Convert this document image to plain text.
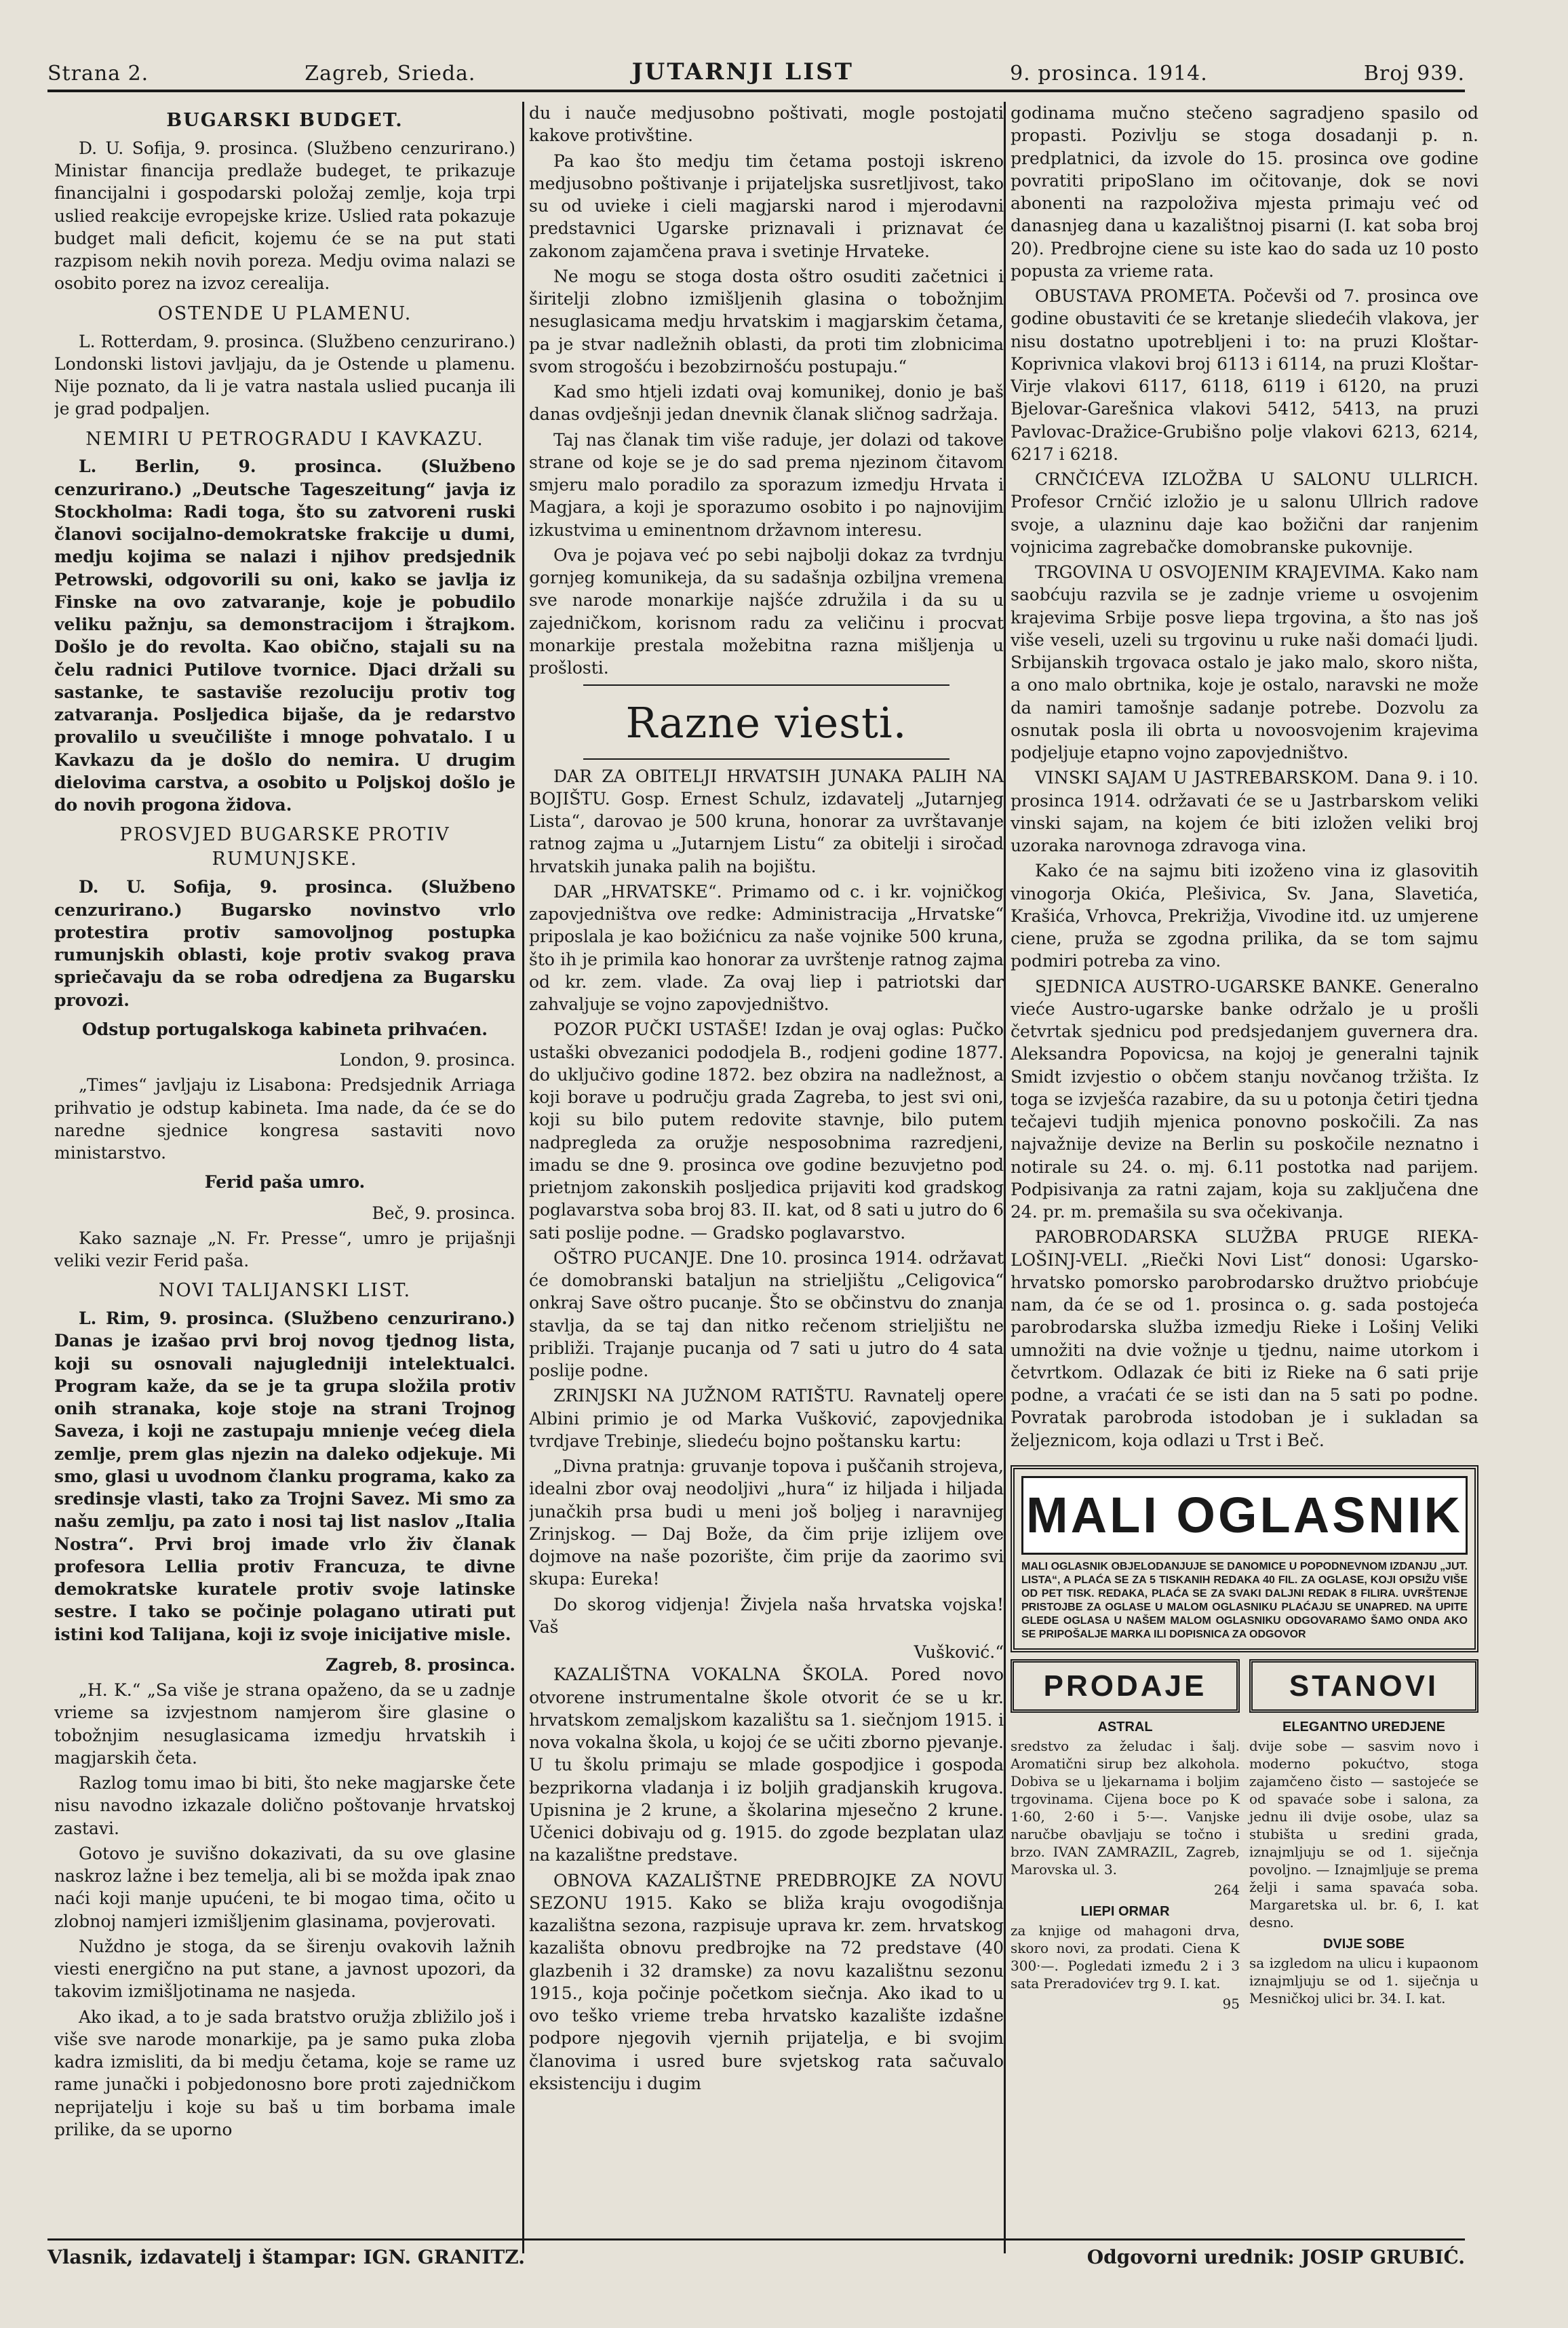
Strana 2.	Zagreb, Srieda.	JUTARNJI LIST	9. prosinca. 1914.	Broj 939.
BUGARSKI BUDGET.

D. U. Sofija, 9. prosinca. (Službeno cenzurirano.) Ministar financija predlaže budeget, te prikazuje financijalni i gospodarski položaj zemlje, koja trpi uslied reakcije evropejske krize. Uslied rata pokazuje budget mali deficit, kojemu će se na put stati razpisom nekih novih poreza. Medju ovima nalazi se osobito porez na izvoz cerealija.

OSTENDE U PLAMENU.

L. Rotterdam, 9. prosinca. (Službeno cenzurirano.) Londonski listovi javljaju, da je Ostende u plamenu. Nije poznato, da li je vatra nastala uslied pucanja ili je grad podpaljen.

NEMIRI U PETROGRADU I KAVKAZU.

L. Berlin, 9. prosinca. (Službeno cenzurirano.) „Deutsche Tageszeitung“ javja iz Stockholma: Radi toga, što su zatvoreni ruski članovi socijalno-demokratske frakcije u dumi, medju kojima se nalazi i njihov predsjednik Petrowski, odgovorili su oni, kako se javlja iz Finske na ovo zatvaranje, koje je pobudilo veliku pažnju, sa demonstracijom i štrajkom. Došlo je do revolta. Kao obično, stajali su na čelu radnici Putilove tvornice. Djaci držali su sastanke, te sastaviše rezoluciju protiv tog zatvaranja. Posljedica bijaše, da je redarstvo provalilo u sveučilište i mnoge pohvatalo. I u Kavkazu da je došlo do nemira. U drugim dielovima carstva, a osobito u Poljskoj došlo je do novih progona židova.

PROSVJED BUGARSKE PROTIV RUMUNJSKE.

D. U. Sofija, 9. prosinca. (Službeno cenzurirano.) Bugarsko novinstvo vrlo protestira protiv samovoljnog postupka rumunjskih oblasti, koje protiv svakog prava spriečavaju da se roba odredjena za Bugarsku provozi.

Odstup portugalskoga kabineta prihvaćen.
London, 9. prosinca.

„Times“ javljaju iz Lisabona: Predsjednik Arriaga prihvatio je odstup kabineta. Ima nade, da će se do naredne sjednice kongresa sastaviti novo ministarstvo.

Ferid paša umro.
Beč, 9. prosinca.

Kako saznaje „N. Fr. Presse“, umro je prijašnji veliki vezir Ferid paša.

NOVI TALIJANSKI LIST.

L. Rim, 9. prosinca. (Službeno cenzurirano.) Danas je izašao prvi broj novog tjednog lista, koji su osnovali najugledniji intelektualci. Program kaže, da se je ta grupa složila protiv onih stranaka, koje stoje na strani Trojnog Saveza, i koji ne zastupaju mnienje većeg diela zemlje, prem glas njezin na daleko odjekuje. Mi smo, glasi u uvodnom članku programa, kako za sredinsje vlasti, tako za Trojni Savez. Mi smo za našu zemlju, pa zato i nosi taj list naslov „Italia Nostra“. Prvi broj imade vrlo živ članak profesora Lellia protiv Francuza, te divne demokratske kuratele protiv svoje latinske sestre. I tako se počinje polagano utirati put istini kod Talijana, koji iz svoje inicijative misle.

Zagreb, 8. prosinca.

„H. K.“ „Sa više je strana opaženo, da se u zadnje vrieme sa izvjestnom namjerom šire glasine o tobožnjim nesuglasicama izmedju hrvatskih i magjarskih četa.

Razlog tomu imao bi biti, što neke magjarske čete nisu navodno izkazale dolično poštovanje hrvatskoj zastavi.

Gotovo je suvišno dokazivati, da su ove glasine naskroz lažne i bez temelja, ali bi se možda ipak znao naći koji manje upućeni, te bi mogao tima, očito u zlobnoj namjeri izmišljenim glasinama, povjerovati.

Nuždno je stoga, da se širenju ovakovih lažnih viesti energično na put stane, a javnost upozori, da takovim izmišljotinama ne nasjeda.

Ako ikad, a to je sada bratstvo oružja zbližilo još i više sve narode monarkije, pa je samo puka zloba kadra izmisliti, da bi medju četama, koje se rame uz rame junački i pobjedonosno bore proti zajedničkom neprijatelju i koje su baš u tim borbama imale prilike, da se uporno

du i nauče medjusobno poštivati, mogle postojati kakove protivštine.

Pa kao što medju tim četama postoji iskreno medjusobno poštivanje i prijateljska susretljivost, tako su od uvieke i cieli magjarski narod i mjerodavni predstavnici Ugarske priznavali i priznavat će zakonom zajamčena prava i svetinje Hrvateke.

Ne mogu se stoga dosta oštro osuditi začetnici i širitelji zlobno izmišljenih glasina o tobožnjim nesuglasicama medju hrvatskim i magjarskim četama, pa je stvar nadležnih oblasti, da proti tim zlobnicima svom strogošću i bezobzirnošću postupaju.“

Kad smo htjeli izdati ovaj komunikej, donio je baš danas ovdješnji jedan dnevnik članak sličnog sadržaja.

Taj nas članak tim više raduje, jer dolazi od takove strane od koje se je do sad prema njezinom čitavom smjeru malo poradilo za sporazum izmedju Hrvata i Magjara, a koji je sporazumo osobito i po najnovijim izkustvima u eminentnom državnom interesu.

Ova je pojava već po sebi najbolji dokaz za tvrdnju gornjeg komunikeja, da su sadašnja ozbiljna vremena sve narode monarkije najšće združila i da su u zajedničkom, korisnom radu za veličinu i procvat monarkije prestala možebitna razna mišljenja u prošlosti.

Razne viesti.

DAR ZA OBITELJI HRVATSIH JUNAKA PALIH NA BOJIŠTU. Gosp. Ernest Schulz, izdavatelj „Jutarnjeg Lista“, darovao je 500 kruna, honorar za uvrštavanje ratnog zajma u „Jutarnjem Listu“ za obitelji i siročad hrvatskih junaka palih na bojištu.

DAR „HRVATSKE“. Primamo od c. i kr. vojničkog zapovjedništva ove redke: Administracija „Hrvatske“ priposlala je kao božićnicu za naše vojnike 500 kruna, što ih je primila kao honorar za uvrštenje ratnog zajma od kr. zem. vlade. Za ovaj liep i patriotski dar zahvaljuje se vojno zapovjedništvo.

POZOR PUČKI USTAŠE! Izdan je ovaj oglas: Pučko ustaški obvezanici pododjela B., rodjeni godine 1877. do uključivo godine 1872. bez obzira na nadležnost, a koji borave u području grada Zagreba, to jest svi oni, koji su bilo putem redovite stavnje, bilo putem nadpregleda za oružje nesposobnima razredjeni, imadu se dne 9. prosinca ove godine bezuvjetno pod prietnjom zakonskih posljedica prijaviti kod gradskog poglavarstva soba broj 83. II. kat, od 8 sati u jutro do 6 sati poslije podne. — Gradsko poglavarstvo.

OŠTRO PUCANJE. Dne 10. prosinca 1914. održavat će domobranski bataljun na strieljištu „Celigovica“ onkraj Save oštro pucanje. Što se občinstvu do znanja stavlja, da se taj dan nitko rečenom strieljištu ne približi. Trajanje pucanja od 7 sati u jutro do 4 sata poslije podne.

ZRINJSKI NA JUŽNOM RATIŠTU. Ravnatelj opere Albini primio je od Marka Vušković, zapovjednika tvrdjave Trebinje, sliedeću bojno poštansku kartu:

„Divna pratnja: gruvanje topova i puščanih strojeva, idealni zbor ovaj neodoljivi „hura“ iz hiljada i hiljada junačkih prsa budi u meni još boljeg i naravnijeg Zrinjskog. — Daj Bože, da čim prije izlijem ove dojmove na naše pozorište, čim prije da zaorimo svi skupa: Eureka!

Do skorog vidjenja! Živjela naša hrvatska vojska! Vaš

Vušković.“

KAZALIŠTNA VOKALNA ŠKOLA. Pored novo otvorene instrumentalne škole otvorit će se u kr. hrvatskom zemaljskom kazalištu sa 1. siečnjom 1915. i nova vokalna škola, u kojoj će se učiti zborno pjevanje. U tu školu primaju se mlade gospodjice i gospoda bezprikorna vladanja i iz boljih gradjanskih krugova. Upisnina je 2 krune, a školarina mjesečno 2 krune. Učenici dobivaju od g. 1915. do zgode bezplatan ulaz na kazalištne predstave.

OBNOVA KAZALIŠTNE PREDBROJKE ZA NOVU SEZONU 1915. Kako se bliža kraju ovogodišnja kazalištna sezona, razpisuje uprava kr. zem. hrvatskog kazališta obnovu predbrojke na 72 predstave (40 glazbenih i 32 dramske) za novu kazalištnu sezonu 1915., koja počinje početkom siečnja. Ako ikad to u ovo teško vrieme treba hrvatsko kazalište izdašne podpore njegovih vjernih prijatelja, e bi svojim članovima i usred bure svjetskog rata sačuvalo eksistenciju i dugim

godinama mučno stečeno sagradjeno spasilo od propasti. Pozivlju se stoga dosadanji p. n. predplatnici, da izvole do 15. prosinca ove godine povratiti pripoSlano im očitovanje, dok se novi abonenti na razpoloživa mjesta primaju već od danasnjeg dana u kazalištnoj pisarni (I. kat soba broj 20). Predbrojne ciene su iste kao do sada uz 10 posto popusta za vrieme rata.

OBUSTAVA PROMETA. Počevši od 7. prosinca ove godine obustaviti će se kretanje sliedećih vlakova, jer nisu dostatno upotrebljeni i to: na pruzi Kloštar-Koprivnica vlakovi broj 6113 i 6114, na pruzi Kloštar-Virje vlakovi 6117, 6118, 6119 i 6120, na pruzi Bjelovar-Garešnica vlakovi 5412, 5413, na pruzi Pavlovac-Dražice-Grubišno polje vlakovi 6213, 6214, 6217 i 6218.

CRNČIĆEVA IZLOŽBA U SALONU ULLRICH. Profesor Crnčić izložio je u salonu Ullrich radove svoje, a ulazninu daje kao božični dar ranjenim vojnicima zagrebačke domobranske pukovnije.

TRGOVINA U OSVOJENIM KRAJEVIMA. Kako nam saobćuju razvila se je zadnje vrieme u osvojenim krajevima Srbije posve liepa trgovina, a što nas još više veseli, uzeli su trgovinu u ruke naši domaći ljudi. Srbijanskih trgovaca ostalo je jako malo, skoro ništa, a ono malo obrtnika, koje je ostalo, naravski ne može da namiri tamošnje sadanje potrebe. Dozvolu za osnutak posla ili obrta u novoosvojenim krajevima podjeljuje etapno vojno zapovjedništvo.

VINSKI SAJAM U JASTREBARSKOM. Dana 9. i 10. prosinca 1914. održavati će se u Jastrbarskom veliki vinski sajam, na kojem će biti izložen veliki broj uzoraka narovnoga zdravoga vina.

Kako će na sajmu biti izoženo vina iz glasovitih vinogorja Okića, Plešivica, Sv. Jana, Slavetića, Krašića, Vrhovca, Prekrižja, Vivodine itd. uz umjerene ciene, pruža se zgodna prilika, da se tom sajmu podmiri potreba za vino.

SJEDNICA AUSTRO-UGARSKE BANKE. Generalno vieće Austro-ugarske banke održalo je u prošli četvrtak sjednicu pod predsjedanjem guvernera dra. Aleksandra Popovicsa, na kojoj je generalni tajnik Smidt izvjestio o občem stanju novčanog tržišta. Iz toga se izvješća razabire, da su u potonja četiri tjedna tečajevi tudjih mjenica ponovno poskočili. Za nas najvažnije devize na Berlin su poskočile neznatno i notirale su 24. o. mj. 6.11 postotka nad parijem. Podpisivanja za ratni zajam, koja su zaključena dne 24. pr. m. premašila su sva očekivanja.

PAROBRODARSKA SLUŽBA PRUGE RIEKA-LOŠINJ-VELI. „Riečki Novi List“ donosi: Ugarsko-hrvatsko pomorsko parobrodarsko družtvo priobćuje nam, da će se od 1. prosinca o. g. sada postojeća parobrodarska služba izmedju Rieke i Lošinj Veliki umnožiti na dvie vožnje u tjednu, naime utorkom i četvrtkom. Odlazak će biti iz Rieke na 6 sati prije podne, a vraćati će se isti dan na 5 sati po podne. Povratak parobroda istodoban je i sukladan sa željeznicom, koja odlazi u Trst i Beč.

MALI OGLASNIK
MALI OGLASNIK OBJELODANJUJE SE DANOMICE U POPODNEVNOM IZDANJU „JUT. LISTA“, A PLAĆA SE ZA 5 TISKANIH REDAKA 40 FIL. ZA OGLASE, KOJI OPSIŽU VIŠE OD PET TISK. REDAKA, PLAĆA SE ZA SVAKI DALJNI REDAK 8 FILIRA. UVRŠTENJE PRISTOJBE ZA OGLASE U MALOM OGLASNIKU PLAĆAJU SE UNAPRED. NA UPITE GLEDE OGLASA U NAŠEM MALOM OGLASNIKU ODGOVARAMO ŠAMO ONDA AKO SE PRIPOŠALJE MARKA ILI DOPISNICA ZA ODGOVOR
PRODAJE
ASTRAL

sredstvo za želudac i šalj. Aromatični sirup bez alkohola. Dobiva se u ljekarnama i boljim trgovinama. Cijena boce po K 1·60, 2·60 i 5·—. Vanjske naručbe obavljaju se točno i brzo. IVAN ZAMRAZIL, Zagreb, Marovska ul. 3.

264
LIEPI ORMAR

za knjige od mahagoni drva, skoro novi, za prodati. Ciena K 300·—. Pogledati između 2 i 3 sata Preradovićev trg 9. I. kat.

95
STANOVI
ELEGANTNO UREDJENE

dvije sobe — sasvim novo i moderno pokućtvo, stoga zajamčeno čisto — sastojeće se od spavaće sobe i salona, za jednu ili dvije osobe, ulaz sa stubišta u sredini grada, iznajmljuju se od 1. siječnja povoljno. — Iznajmljuje se prema želji i sama spavaća soba. Margaretska ul. br. 6, I. kat desno.

DVIJE SOBE

sa izgledom na ulicu i kupaonom iznajmljuju se od 1. siječnja u Mesničkoj ulici br. 34. I. kat.

Vlasnik, izdavatelj i štampar: IGN. GRANITZ.	Odgovorni urednik: JOSIP GRUBIĆ.
